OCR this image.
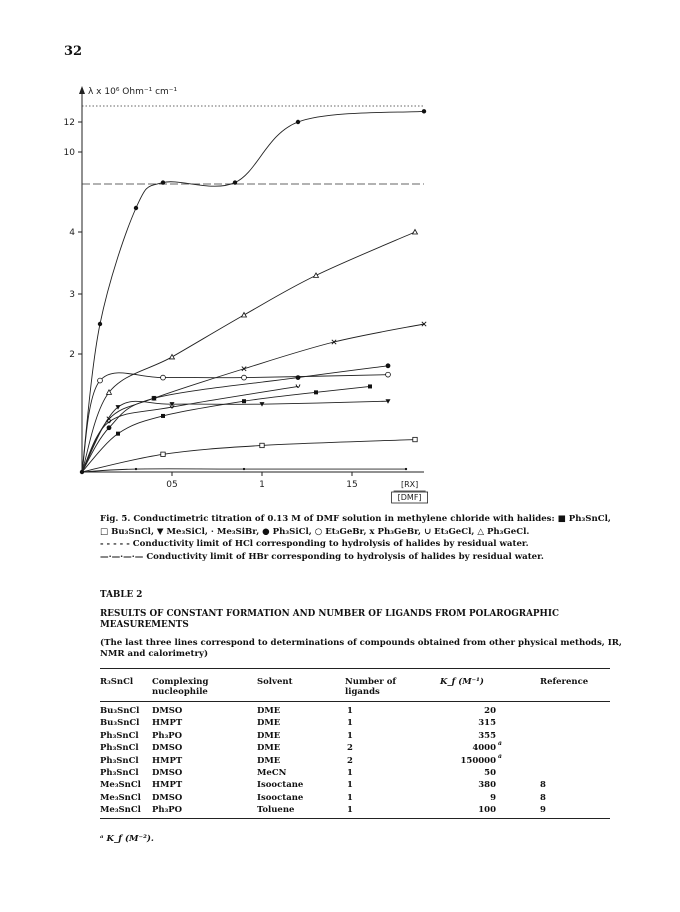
32
12
10
4
3
2
05	1	15
λ x 10⁶ Ohm⁻¹ cm⁻¹
[RX]
[DMF]

Fig. 5. Conductimetric titration of 0.13 M of DMF solution in methylene chloride with halides: ■ Ph₃SnCl,

□ Bu₃SnCl, ▼ Me₃SiCl, · Me₃SiBr, ● Ph₃SiCl, ○ Et₃GeBr, x Ph₃GeBr, ∪ Et₃GeCl, △ Ph₃GeCl.

- - - - - Conductivity limit of HCl corresponding to hydrolysis of halides by residual water.

—·—·—·— Conductivity limit of HBr corresponding to hydrolysis of halides by residual water.

TABLE 2
RESULTS OF CONSTANT FORMATION AND NUMBER OF LIGANDS FROM POLAROGRAPHIC MEASUREMENTS
(The last three lines correspond to determinations of compounds obtained from other physical methods, IR, NMR and calorimetry)
R₃SnCl Complexing
nucleophile
Solvent	Number of
ligands
K_f (M⁻¹)	Reference
Bu₃SnCl DMSO	DME	1	20
Bu₃SnCl HMPT	DME	1	315
Ph₃SnCl Ph₃PO	DME	1	355
Ph₃SnCl DMSO	DME	2	4000 a
Ph₃SnCl HMPT	DME	2	150000 a
Ph₃SnCl DMSO	MeCN	1	50
Me₃SnCl HMPT	Isooctane	1	380	8
Me₃SnCl DMSO	Isooctane	1	9	8
Me₃SnCl Ph₃PO	Toluene	1	100	9
ᵃ K_f (M⁻²).
